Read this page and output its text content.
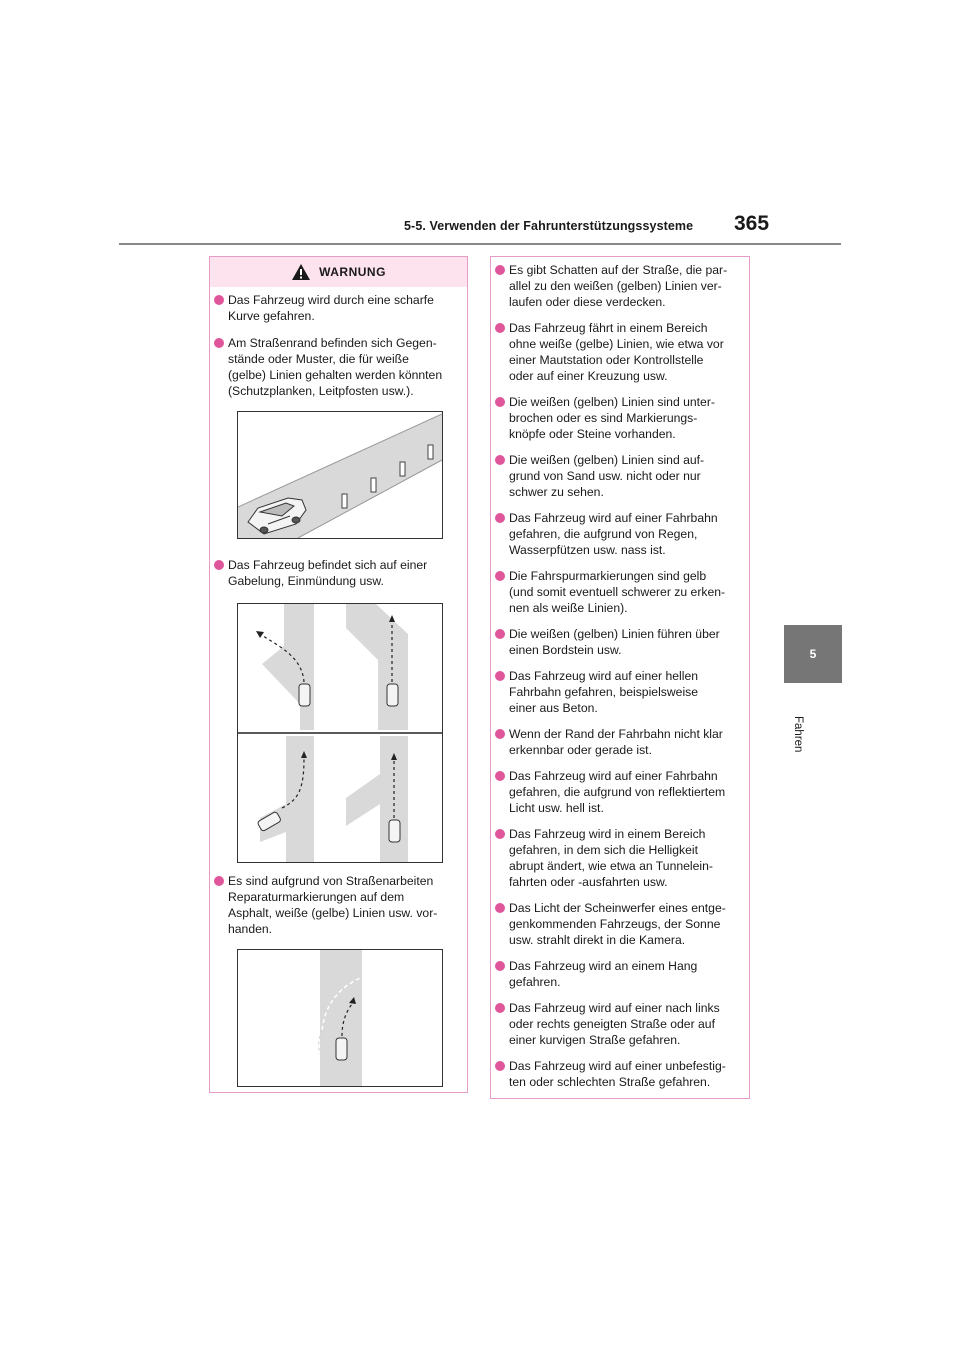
5-5. Verwenden der Fahrunterstützungssysteme 365
5
Fahren
WARNUNG
Das Fahrzeug wird durch eine scharfe
Kurve gefahren.
Am Straßenrand befinden sich Gegen-
stände oder Muster, die für weiße
(gelbe) Linien gehalten werden könnten
(Schutzplanken, Leitpfosten usw.).
Das Fahrzeug befindet sich auf einer
Gabelung, Einmündung usw.
Es sind aufgrund von Straßenarbeiten
Reparaturmarkierungen auf dem
Asphalt, weiße (gelbe) Linien usw. vor-
handen.
Es gibt Schatten auf der Straße, die par-
allel zu den weißen (gelben) Linien ver-
laufen oder diese verdecken.
Das Fahrzeug fährt in einem Bereich
ohne weiße (gelbe) Linien, wie etwa vor
einer Mautstation oder Kontrollstelle
oder auf einer Kreuzung usw.
Die weißen (gelben) Linien sind unter-
brochen oder es sind Markierungs-
knöpfe oder Steine vorhanden.
Die weißen (gelben) Linien sind auf-
grund von Sand usw. nicht oder nur
schwer zu sehen.
Das Fahrzeug wird auf einer Fahrbahn
gefahren, die aufgrund von Regen,
Wasserpfützen usw. nass ist.
Die Fahrspurmarkierungen sind gelb
(und somit eventuell schwerer zu erken-
nen als weiße Linien).
Die weißen (gelben) Linien führen über
einen Bordstein usw.
Das Fahrzeug wird auf einer hellen
Fahrbahn gefahren, beispielsweise
einer aus Beton.
Wenn der Rand der Fahrbahn nicht klar
erkennbar oder gerade ist.
Das Fahrzeug wird auf einer Fahrbahn
gefahren, die aufgrund von reflektiertem
Licht usw. hell ist.
Das Fahrzeug wird in einem Bereich
gefahren, in dem sich die Helligkeit
abrupt ändert, wie etwa an Tunnelein-
fahrten oder -ausfahrten usw.
Das Licht der Scheinwerfer eines entge-
genkommenden Fahrzeugs, der Sonne
usw. strahlt direkt in die Kamera.
Das Fahrzeug wird an einem Hang
gefahren.
Das Fahrzeug wird auf einer nach links
oder rechts geneigten Straße oder auf
einer kurvigen Straße gefahren.
Das Fahrzeug wird auf einer unbefestig-
ten oder schlechten Straße gefahren.
